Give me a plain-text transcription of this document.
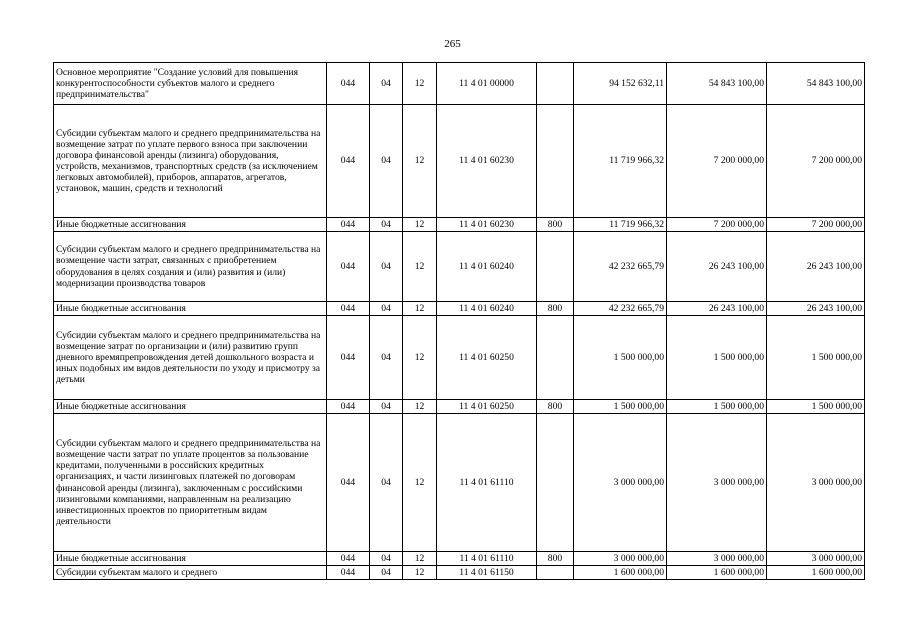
265
Основное мероприятие "Создание условий для повышения конкурентоспособности субъектов малого и среднего предпринимательства"	044	04	12	11 4 01 00000		94 152 632,11	54 843 100,00	54 843 100,00
Субсидии субъектам малого и среднего предпринимательства на возмещение затрат по уплате первого взноса при заключении договора финансовой аренды (лизинга) оборудования, устройств, механизмов, транспортных средств (за исключением легковых автомобилей), приборов, аппаратов, агрегатов, установок, машин, средств и технологий	044	04	12	11 4 01 60230		11 719 966,32	7 200 000,00	7 200 000,00
Иные бюджетные ассигнования	044	04	12	11 4 01 60230	800	11 719 966,32	7 200 000,00	7 200 000,00
Субсидии субъектам малого и среднего предпринимательства на возмещение части затрат, связанных с приобретением оборудования в целях создания и (или) развития и (или) модернизации производства товаров	044	04	12	11 4 01 60240		42 232 665,79	26 243 100,00	26 243 100,00
Иные бюджетные ассигнования	044	04	12	11 4 01 60240	800	42 232 665,79	26 243 100,00	26 243 100,00
Субсидии субъектам малого и среднего предпринимательства на возмещение затрат по организации и (или) развитию групп дневного времяпрепровождения детей дошкольного возраста и иных подобных им видов деятельности по уходу и присмотру за детьми	044	04	12	11 4 01 60250		1 500 000,00	1 500 000,00	1 500 000,00
Иные бюджетные ассигнования	044	04	12	11 4 01 60250	800	1 500 000,00	1 500 000,00	1 500 000,00
Субсидии субъектам малого и среднего предпринимательства на возмещение части затрат по уплате процентов за пользование кредитами, полученными в российских кредитных организациях, и части лизинговых платежей по договорам финансовой аренды (лизинга), заключенным с российскими лизинговыми компаниями, направленным на реализацию инвестиционных проектов по приоритетным видам деятельности	044	04	12	11 4 01 61110		3 000 000,00	3 000 000,00	3 000 000,00
Иные бюджетные ассигнования	044	04	12	11 4 01 61110	800	3 000 000,00	3 000 000,00	3 000 000,00
Субсидии субъектам малого и среднего	044	04	12	11 4 01 61150		1 600 000,00	1 600 000,00	1 600 000,00
